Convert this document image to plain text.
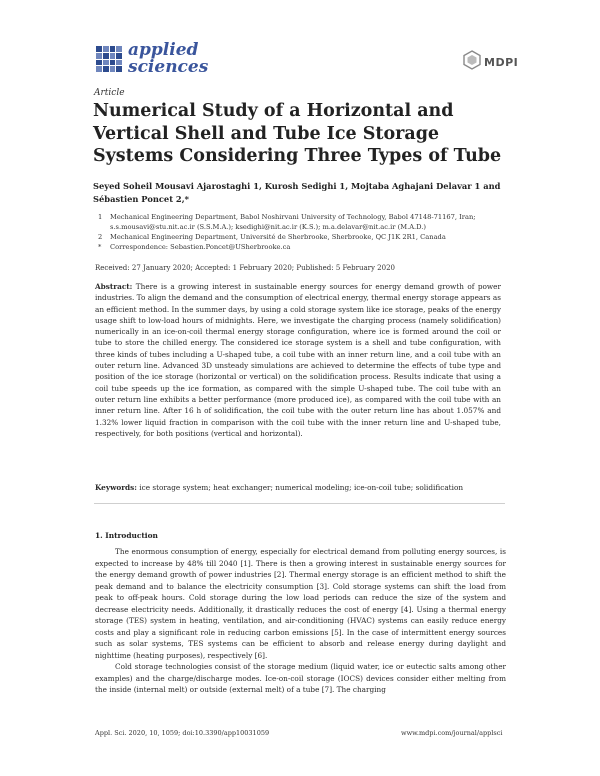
applied
sciences	MDPI
Article
Numerical Study of a Horizontal and Vertical Shell and Tube Ice Storage Systems Considering Three Types of Tube
Seyed Soheil Mousavi Ajarostaghi 1, Kurosh Sedighi 1, Mojtaba Aghajani Delavar 1 and Sébastien Poncet 2,*
1 Mechanical Engineering Department, Babol Noshirvani University of Technology, Babol 47148-71167, Iran; s.s.mousavi@stu.nit.ac.ir (S.S.M.A.); ksedighi@nit.ac.ir (K.S.); m.a.delavar@nit.ac.ir (M.A.D.)
2 Mechanical Engineering Department, Université de Sherbrooke, Sherbrooke, QC J1K 2R1, Canada
* Correspondence: Sebastien.Poncet@USherbrooke.ca
Received: 27 January 2020; Accepted: 1 February 2020; Published: 5 February 2020
Abstract: There is a growing interest in sustainable energy sources for energy demand growth of power industries. To align the demand and the consumption of electrical energy, thermal energy storage appears as an efficient method. In the summer days, by using a cold storage system like ice storage, peaks of the energy usage shift to low-load hours of midnights. Here, we investigate the charging process (namely solidification) numerically in an ice-on-coil thermal energy storage configuration, where ice is formed around the coil or tube to store the chilled energy. The considered ice storage system is a shell and tube configuration, with three kinds of tubes including a U-shaped tube, a coil tube with an inner return line, and a coil tube with an outer return line. Advanced 3D unsteady simulations are achieved to determine the effects of tube type and position of the ice storage (horizontal or vertical) on the solidification process. Results indicate that using a coil tube speeds up the ice formation, as compared with the simple U-shaped tube. The coil tube with an outer return line exhibits a better performance (more produced ice), as compared with the coil tube with an inner return line. After 16 h of solidification, the coil tube with the outer return line has about 1.057% and 1.32% lower liquid fraction in comparison with the coil tube with the inner return line and U-shaped tube, respectively, for both positions (vertical and horizontal).
Keywords: ice storage system; heat exchanger; numerical modeling; ice-on-coil tube; solidification
1. Introduction

The enormous consumption of energy, especially for electrical demand from polluting energy sources, is expected to increase by 48% till 2040 [1]. There is then a growing interest in sustainable energy sources for the energy demand growth of power industries [2]. Thermal energy storage is an efficient method to shift the peak demand and to balance the electricity consumption [3]. Cold storage systems can shift the load from peak to off-peak hours. Cold storage during the low load periods can reduce the size of the system and decrease electricity needs. Additionally, it drastically reduces the cost of energy [4]. Using a thermal energy storage (TES) system in heating, ventilation, and air-conditioning (HVAC) systems can easily reduce energy costs and play a significant role in reducing carbon emissions [5]. In the case of intermittent energy sources such as solar systems, TES systems can be efficient to absorb and release energy during daylight and nighttime (heating purposes), respectively [6].

Cold storage technologies consist of the storage medium (liquid water, ice or eutectic salts among other examples) and the charge/discharge modes. Ice-on-coil storage (IOCS) devices consider either melting from the inside (internal melt) or outside (external melt) of a tube [7]. The charging

Appl. Sci. 2020, 10, 1059; doi:10.3390/app10031059	www.mdpi.com/journal/applsci
